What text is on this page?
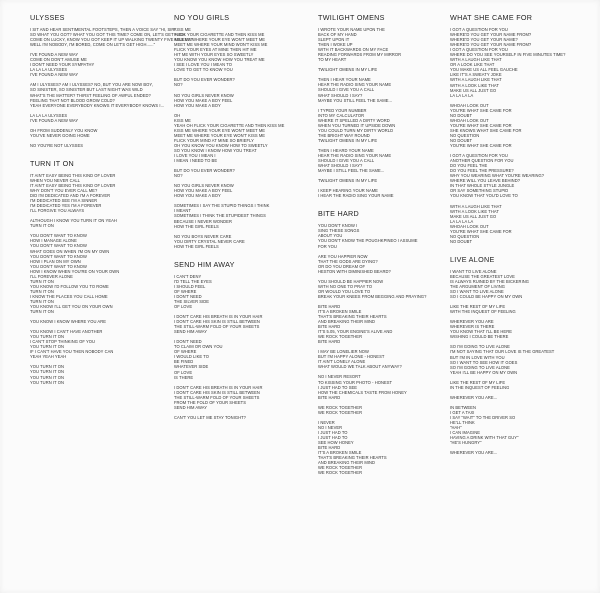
ULYSSES
I SIT AND HEAR SENTIMENTAL FOOTSTEPS, THEN A VOICE SAY "HI, SIR"
SO WHAT YOU GOT? WHAT YOU GOT THIS TIME? COME ON, LET'S GET HIGH
COME ON LUCKY, KNOW YOU GOT KEEP IT UP WALKING TWENTY FIVE MILES AT
WELL I'M NOBODY, I'M BORED, COME ON LET'S GET HIGH......"
I'VE FOUND A NEW WAY
COME ON DON'T AMUSE ME
I DON'T NEED YOUR SYMPATHY
LA LA LA ULYSSES
I'VE FOUND A NEW WAY
AM I ULYSSES? AM I ULYSSES? NO, BUT YOU ARE NOW BOY,
SO SINISTER, SO SINISTER BUT LAST NIGHT WAS WILD
WHAT'S THE MATTER? THIRST FEELING OF AWFUL ENDED?
FEELING THAT NOT BLOOD GROW COLD?
YEAH EVERYONE EVERYBODY KNOWS IT EVERYBODY KNOWS I...
LA LA LA ULYSSES
I'VE FOUND A NEW WAY
OH FROM SUDDENLY YOU KNOW
YOU'VE NEVER GOING HOME
NO YOU'RE NOT ULYSSES
TURN IT ON
IT AIN'T EASY BEING THIS KIND OF LOVER
WHEN YOU NEVER CALL
IT AIN'T EASY BEING THIS KIND OF LOVER
WHY DON'T YOU EVER CALL ME?
DID I'M DEDICATED AND I'M A FOREVER
I'M DEDICATED SEE I'M A SINNER
I'M DEDICATED YES I'M A FOREVER
I'LL FORGIVE YOU ALWAYS
ALTHOUGH I KNOW YOU TURN IT ON YEAH
TURN IT ON
YOU DON'T WANT TO KNOW
HOW I MANAGE ALONE
YOU DON'T WANT TO KNOW
WHAT GOES ON WHEN I'M ON MY OWN
YOU DON'T WANT TO KNOW
HOW I PLAN ON MY OWN
YOU DON'T WANT TO KNOW
HOW I KNOW WHEN YOU'RE ON YOUR OWN
I'LL FOREVER ALONE
TURN IT ON
YOU KNOW I'D FOLLOW YOU TO ROME
TURN IT ON
I KNOW THE PLACES YOU CALL HOME
TURN IT ON
YOU KNOW I'LL GET YOU ON YOUR OWN
TURN IT ON
YOU KNOW I KNOW WHERE YOU ARE
YOU KNOW I CAN'T HAVE ANOTHER
YOU TURN IT ON
I CAN'T STOP THINKING OF YOU
YOU TURN IT ON
IF I CAN'T HAVE YOU THEN NOBODY CAN
YEAH YEAH YEAH
YOU TURN IT ON
YOU TURN IT ON
YOU TURN IT ON
YOU TURN IT ON
NO YOU GIRLS
KISS ME
FLICK YOUR CIGARETTE AND THEN KISS ME
KISS ME WHERE YOUR EYE WON'T MEET ME
MEET ME WHERE YOUR MIND WON'T KISS ME
FLICK YOUR EYES AT MINE THEN HIT ME
HIT ME WITH YOUR EYES SO SWEETLY
YOU KNOW YOU KNOW HOW YOU TREAT ME
I SEE I LOVE YOU I MEAN TO
LOVE TO GET TO KNOW YOU
BUT DO YOU EVER WONDER?
NO?
NO YOU GIRLS NEVER KNOW
HOW YOU MAKE A BOY FEEL
HOW YOU MAKE A BOY
OH
KISS ME
YEAH OH FLICK YOUR CIGARETTE AND THEN KISS ME
KISS ME WHERE YOUR EYE WON'T MEET ME
MEET ME WHERE YOUR EYE WON'T KISS ME
FLICK YOUR MIND AT MINE SO BRIEFLY
OH YOU KNOW YOU KNOW HOW TO SWEETLY
SO YOU KNOW I KNOW HOW YOU TREAT
I LOVE YOU I MEAN I
I MEAN I NEED TO BE
BUT DO YOU EVER WONDER?
NO?
NO YOU GIRLS NEVER KNOW
HOW YOU MAKE A BOY FEEL
HOW YOU MAKE A BOY
SOMETIMES I SAY THE STUPID THINGS I THINK
I MEANT
SOMETIMES I THINK THE STUPIDEST THINGS
BECAUSE I NEVER WONDER
HOW THE GIRL FEELS
NO YOU BOYS NEVER CARE
YOU DIRTY CRYSTAL NEVER CARE
HOW THE GIRL FEELS
SEND HIM AWAY
I CAN'T DENY
I'D TELL THE EYES
I SHOULD FEEL
OF WHERE
I DON'T NEED
THE SILVER SIDE
OF LOVE
I DON'T CARE HIS BREATH IS IN YOUR HAIR
I DON'T CARE HIS SKIN IS STILL BETWEEN
THE STILL-WARM FOLD OF YOUR SHEETS
SEND HIM AWAY
I DON'T NEED
TO CLAIM OR OWN YOU
OF WHERE
I WOULD LIKE TO
BE FINED
WHATEVER SIDE
OF LOVE
IS THERE
I DON'T CARE HIS BREATH IS IN YOUR HAIR
I DON'T CARE HIS SKIN IS STILL BETWEEN
THE STILL-WARM FOLD OF YOUR SHEETS
FROM THE FOLD OF YOUR SHEETS
SEND HIM AWAY
CAN'T YOU LET ME STAY TONIGHT?
TWILIGHT OMENS
I WROTE YOUR NAME UPON THE
BACK OF MY HAND
SLEPT UPON IT
THEN I WOKE UP
WITH IT BACKWARDS ON MY FACE
READING FORWARDS FROM MY MIRROR
TO MY HEART
TWILIGHT OMENS IN MY LIFE
THEN I HEAR YOUR NAME
HEAR THE RADIO SING YOUR NAME
SHOULD I GIVE YOU A CALL
WHAT SHOULD I SAY?
MAYBE YOU STILL FEEL THE SAME...
I TYPED YOUR NUMBER
INTO MY CALCULATOR
WHERE IT SPELLED A DIRTY WORD
WHEN YOU TURNED IT UPSIDE DOWN
YOU COULD TURN MY DIRTY WORLD
THE BRIGHT WAY ROUND
TWILIGHT OMENS IN MY LIFE
THEN I HEARD YOUR NAME
HEAR THE RADIO SING YOUR NAME
SHOULD I GIVE YOU A CALL
WHAT SHOULD I SAY?
MAYBE I STILL FEEL THE SAME...
TWILIGHT OMENS IN MY LIFE
I KEEP HEARING YOUR NAME
I HEAR THE RADIO SING YOUR NAME
BITE HARD
YOU DON'T KNOW I
SING THESE SONGS
ABOUT YOU
YOU DON'T KNOW THE POUGHKPINEO I ASSUME
FOR YOU
ARE YOU HAPPIER NOW
THAT THE GODS ARE DYING?
OR DO YOU DREAM OF
HESTON WITH DIMINISHED BEARD?
YOU SHOULD BE HAPPIER NOW
WITH NO ONE TO PRAY TO
OR WOULD YOU LOVE TO
BREAK YOUR KNEES FROM BEGGING AND PRAYING?
BITE HARD
IT'S A BROKEN SMILE
THAT'S BREAKING THEIR HEARTS
AND BREAKING THEIR MIND
BITE HARD
IT'S 5.05, YOUR ENGINE'S ALIVE AND
WE ROCK TOGETHER
BITE HARD
I MAY BE LONELIER NOW
BUT I'M HAPPY ALONE - HONEST
IT AIN'T LONELY ALONE
WHAT WOULD WE TALK ABOUT ANYWAY?
NO I NEVER RESORT
TO KISSING YOUR PHOTO - HONEST
I JUST HAD TO SEE
HOW THE CHEMICALS TASTE FROM HONEY
BITE HARD
WE ROCK TOGETHER
WE ROCK TOGETHER
I NEVER
NO I NEVER
I JUST HAD TO
I JUST HAD TO
SEE HOW HONEY
BITE HARD
IT'S A BROKEN SMILE
THAT'S BREAKING THEIR HEARTS
AND BREAKING THEIR MIND
WE ROCK TOGETHER
WE ROCK TOGETHER
WHAT SHE CAME FOR
I GOT A QUESTION FOR YOU
WHERE'D YOU GET YOUR NAME FROM?
WHERE'D YOU GET YOUR NAME?
WHERE'D YOU GET YOUR NAME FROM?
I GOT A QUESTION FOR YOU
WHERE DO YOU SEE YOURSELF IN FIVE MINUTES TIME?
WITH A LAUGH LIKE THAT
OR A LOOK LIKE THAT
YOU MAKE US ALL FEEL GAUCHE
LIKE IT'S A SWEATY JOKE
WITH A LAUGH LIKE THAT
WITH A LOOK LIKE THAT
MAKE US ALL JUST GO
LA LA LA LA
WHOAH LOOK OUT
YOU'RE WHAT SHE CAME FOR
NO DOUBT
WHOAH LOOK OUT
YOU'RE WHAT SHE CAME FOR
SHE KNOWS WHAT SHE CAME FOR
NO QUESTION
NO DOUBT
YOU'RE WHAT SHE CAME FOR
I GOT A QUESTION FOR YOU
ANOTHER QUESTION FOR YOU
DO YOU FEEL THE
DO YOU FEEL THE PRESSURE?
WHY YOU WEARING WHAT YOU'RE WEARING?
WHERE WILL YOU LEAVE BEHIND?
IN THAT WHOLE STYLE JUNGLE
OR SAY SOMETHING STUPID
YOU KNOW THAT YOU'D LOVE TO
WITH A LAUGH LIKE THAT
WITH A LOOK LIKE THAT
MAKE US ALL JUST GO
LA LA LA LA
WHOAH LOOK OUT
YOU'RE WHAT SHE CAME FOR
NO QUESTION
NO DOUBT
LIVE ALONE
I WANT TO LIVE ALONE
BECAUSE THE GREATEST LOVE
IS ALWAYS RUINED BY THE BICKERING
THE ARGUMENT OF LIVING
SO I WANT TO LIVE ALONE
SO I COULD BE HAPPY ON MY OWN
LIKE THE REST OF MY LIFE
WITH THE INQUEST OF FEELING
WHEREVER YOU ARE
WHEREVER IS THERE
YOU KNOW THAT I'LL BE HERE
WISHING I COULD BE THERE
SO I'M GOING TO LIVE ALONE
I'M NOT SAYING THAT OUR LOVE IS THE GREATEST
BUT I'M IN LOVE WITH YOU
SO I WANT TO SEE HOW IT GOES
SO I'M GOING TO LIVE ALONE
YEAH I'LL BE HAPPY ON MY OWN
LIKE THE REST OF MY LIFE
IN THE INQUEST OF FEELING
WHEREVER YOU ARE...
IN BETWEEN
I GET A TAXI
I SAY "WAIT" TO THE DRIVER SO
HE'LL THINK
"HAH"
I CAN IMAGINE
HAVING A DRINK WITH THAT GUY"
"HE'S HUNGRY"
WHEREVER YOU ARE...
